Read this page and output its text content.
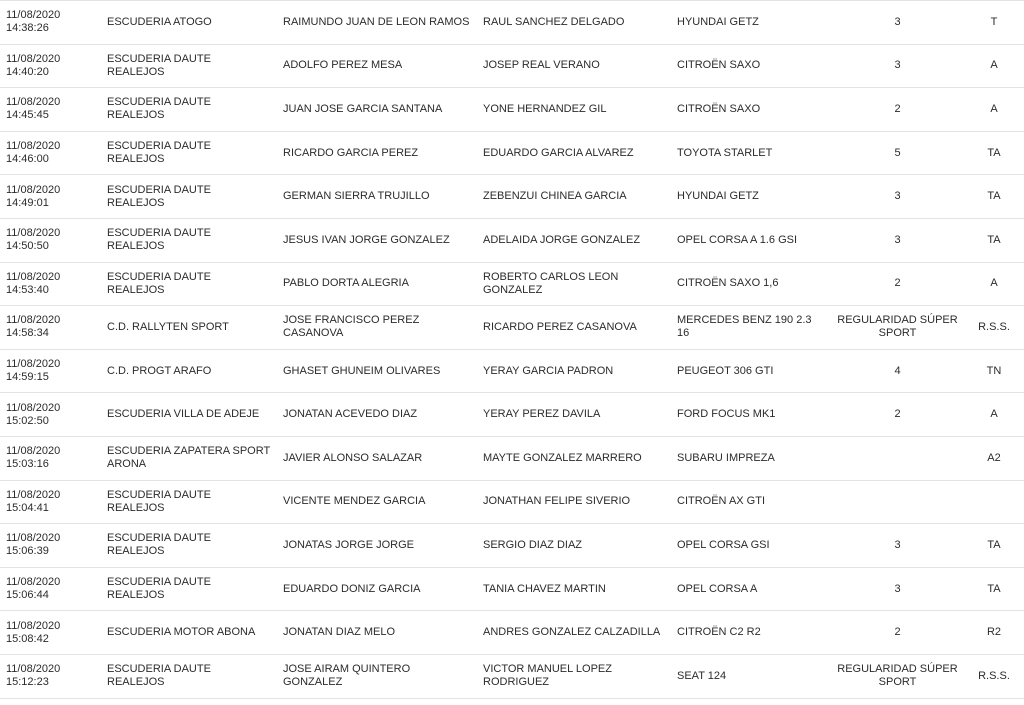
11/08/2020
14:38:26	ESCUDERIA ATOGO	RAIMUNDO JUAN DE LEON RAMOS	RAUL SANCHEZ DELGADO	HYUNDAI GETZ	3	T

11/08/2020
14:40:20	ESCUDERIA DAUTE REALEJOS	ADOLFO PEREZ MESA	JOSEP REAL VERANO	CITROËN SAXO	3	A

11/08/2020
14:45:45	ESCUDERIA DAUTE REALEJOS	JUAN JOSE GARCIA SANTANA	YONE HERNANDEZ GIL	CITROËN SAXO	2	A

11/08/2020
14:46:00	ESCUDERIA DAUTE REALEJOS	RICARDO GARCIA PEREZ	EDUARDO GARCIA ALVAREZ	TOYOTA STARLET	5	TA

11/08/2020
14:49:01	ESCUDERIA DAUTE REALEJOS	GERMAN SIERRA TRUJILLO	ZEBENZUI CHINEA GARCIA	HYUNDAI GETZ	3	TA

11/08/2020
14:50:50	ESCUDERIA DAUTE REALEJOS	JESUS IVAN JORGE GONZALEZ	ADELAIDA JORGE GONZALEZ	OPEL CORSA A 1.6 GSI	3	TA

11/08/2020
14:53:40	ESCUDERIA DAUTE REALEJOS	PABLO DORTA ALEGRIA	ROBERTO CARLOS LEON GONZALEZ	CITROËN SAXO 1,6	2	A

11/08/2020
14:58:34	C.D. RALLYTEN SPORT	JOSE FRANCISCO PEREZ CASANOVA	RICARDO PEREZ CASANOVA	MERCEDES BENZ 190 2.3 16	REGULARIDAD SÚPER SPORT	R.S.S.

11/08/2020
14:59:15	C.D. PROGT ARAFO	GHASET GHUNEIM OLIVARES	YERAY GARCIA PADRON	PEUGEOT 306 GTI	4	TN

11/08/2020
15:02:50	ESCUDERIA VILLA DE ADEJE	JONATAN ACEVEDO DIAZ	YERAY PEREZ DAVILA	FORD FOCUS MK1	2	A

11/08/2020
15:03:16	ESCUDERIA ZAPATERA SPORT ARONA	JAVIER ALONSO SALAZAR	MAYTE GONZALEZ MARRERO	SUBARU IMPREZA		A2

11/08/2020
15:04:41	ESCUDERIA DAUTE REALEJOS	VICENTE MENDEZ GARCIA	JONATHAN FELIPE SIVERIO	CITROËN AX GTI		

11/08/2020
15:06:39	ESCUDERIA DAUTE REALEJOS	JONATAS JORGE JORGE	SERGIO DIAZ DIAZ	OPEL CORSA GSI	3	TA

11/08/2020
15:06:44	ESCUDERIA DAUTE REALEJOS	EDUARDO DONIZ GARCIA	TANIA CHAVEZ MARTIN	OPEL CORSA A	3	TA

11/08/2020
15:08:42	ESCUDERIA MOTOR ABONA	JONATAN DIAZ MELO	ANDRES GONZALEZ CALZADILLA	CITROËN C2 R2	2	R2

11/08/2020
15:12:23	ESCUDERIA DAUTE REALEJOS	JOSE AIRAM QUINTERO GONZALEZ	VICTOR MANUEL LOPEZ RODRIGUEZ	SEAT 124	REGULARIDAD SÚPER SPORT	R.S.S.
